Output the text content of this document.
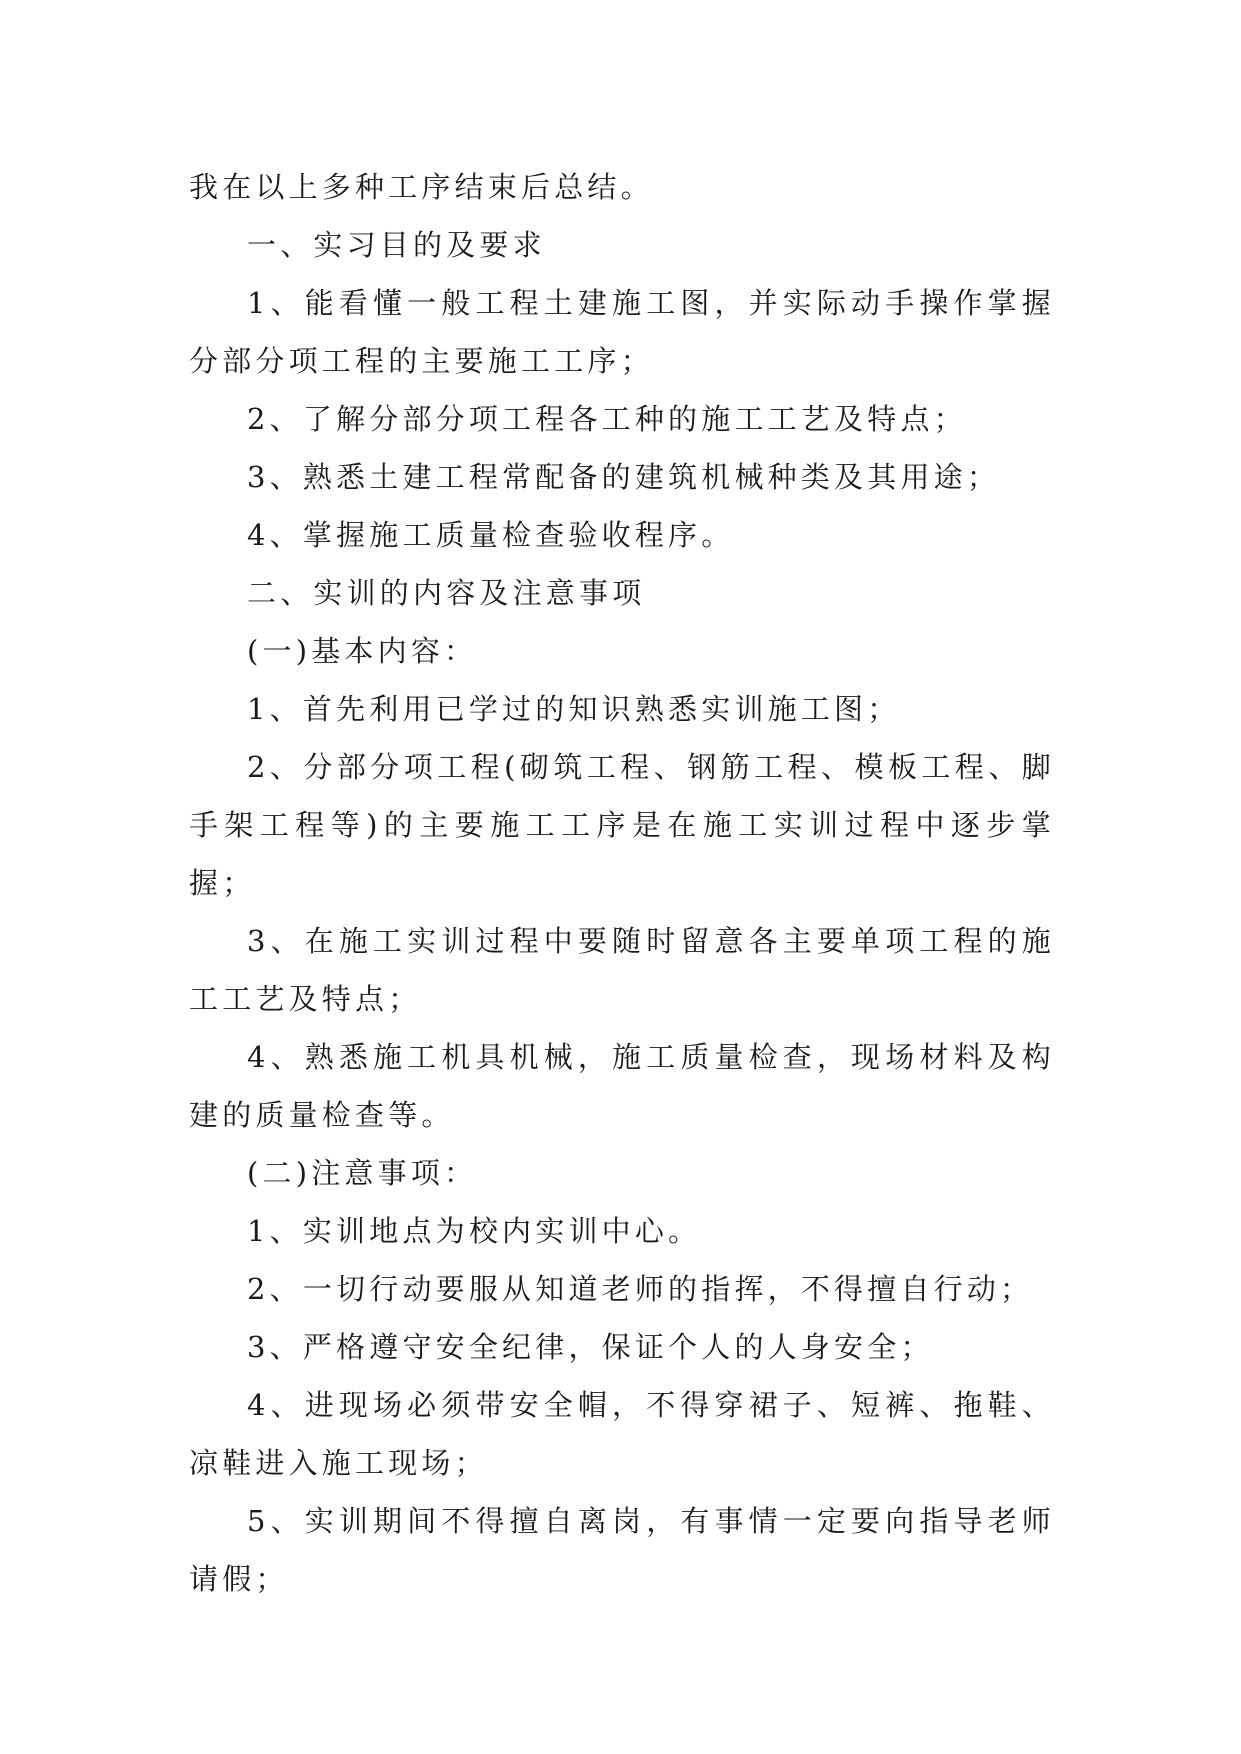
我在以上多种工序结束后总结。

一、实习目的及要求

1、能看懂一般工程土建施工图，并实际动手操作掌握分部分项工程的主要施工工序；

2、了解分部分项工程各工种的施工工艺及特点；

3、熟悉土建工程常配备的建筑机械种类及其用途；

4、掌握施工质量检查验收程序。

二、实训的内容及注意事项

(一)基本内容：

1、首先利用已学过的知识熟悉实训施工图；

2、分部分项工程(砌筑工程、钢筋工程、模板工程、脚手架工程等)的主要施工工序是在施工实训过程中逐步掌握；

3、在施工实训过程中要随时留意各主要单项工程的施工工艺及特点；

4、熟悉施工机具机械，施工质量检查，现场材料及构建的质量检查等。

(二)注意事项：

1、实训地点为校内实训中心。

2、一切行动要服从知道老师的指挥，不得擅自行动；

3、严格遵守安全纪律，保证个人的人身安全；

4、进现场必须带安全帽，不得穿裙子、短裤、拖鞋、凉鞋进入施工现场；

5、实训期间不得擅自离岗，有事情一定要向指导老师请假；
